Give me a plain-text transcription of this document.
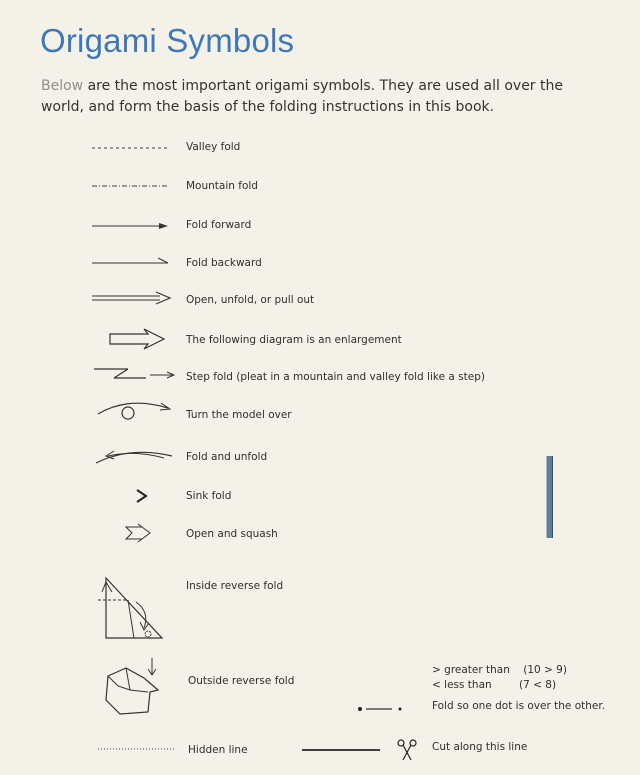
Origami Symbols
Below are the most important origami symbols. They are used all over the world, and form the basis of the folding instructions in this book.
Valley fold
Mountain fold
Fold forward
Fold backward
Open, unfold, or pull out
The following diagram is an enlargement
Step fold (pleat in a mountain and valley fold like a step)
Turn the model over
Fold and unfold
Sink fold
Open and squash
Inside reverse fold
Outside reverse fold
Hidden line
> greater than (10 > 9)
< less than	(7 < 8)
Fold so one dot is over the other.
Cut along this line
